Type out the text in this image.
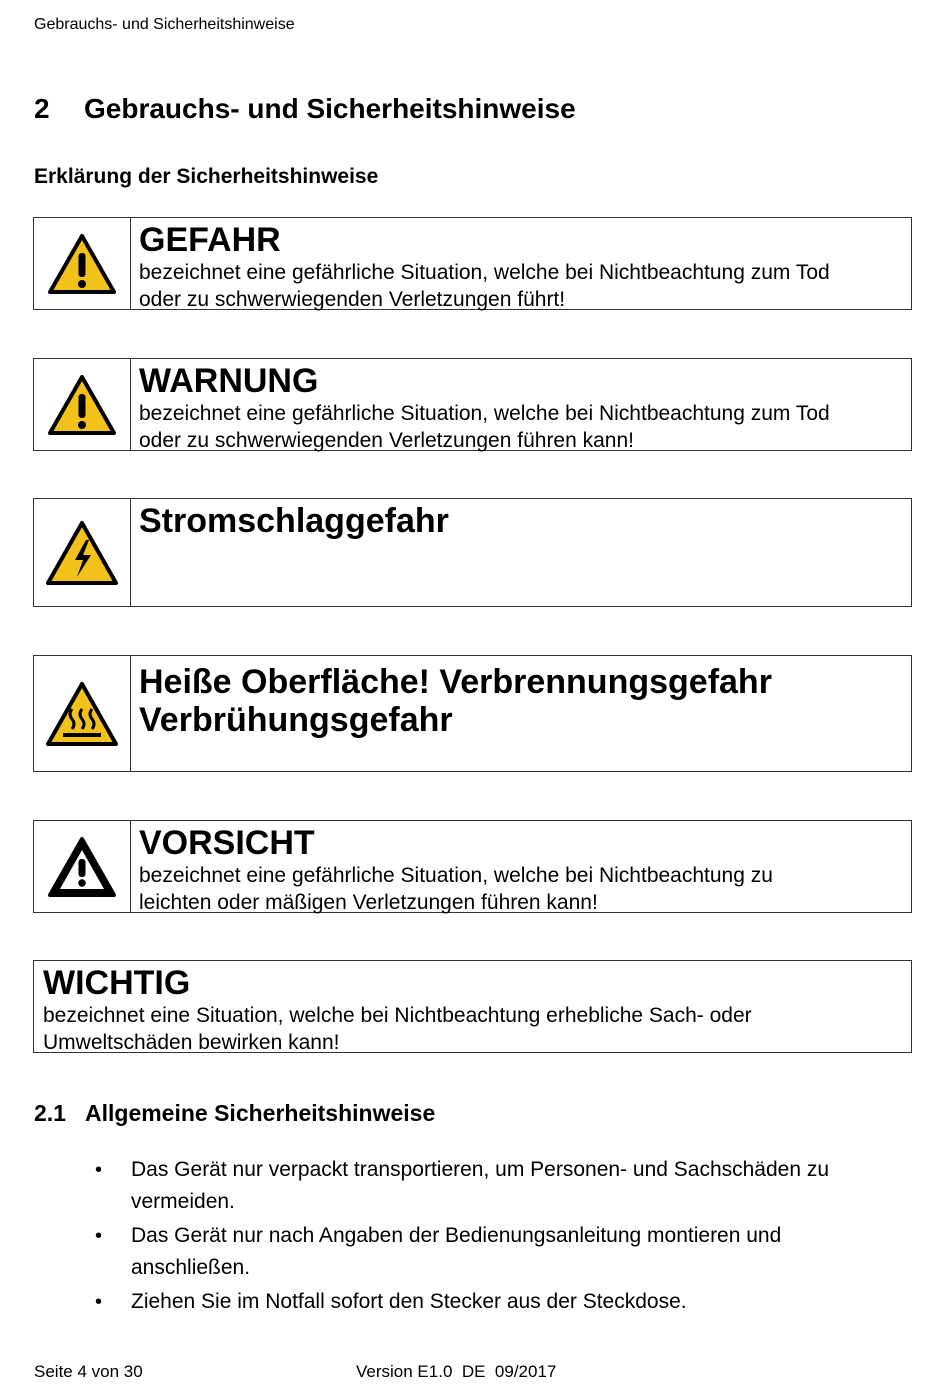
Gebrauchs- und Sicherheitshinweise
2 Gebrauchs- und Sicherheitshinweise
Erklärung der Sicherheitshinweise
GEFAHR
bezeichnet eine gefährliche Situation, welche bei Nichtbeachtung zum Tod
oder zu schwerwiegenden Verletzungen führt!
WARNUNG
bezeichnet eine gefährliche Situation, welche bei Nichtbeachtung zum Tod
oder zu schwerwiegenden Verletzungen führen kann!
Stromschlaggefahr
Heiße Oberfläche! Verbrennungsgefahr
Verbrühungsgefahr
VORSICHT
bezeichnet eine gefährliche Situation, welche bei Nichtbeachtung zu
leichten oder mäßigen Verletzungen führen kann!
WICHTIG
bezeichnet eine Situation, welche bei Nichtbeachtung erhebliche Sach- oder
Umweltschäden bewirken kann!
2.1 Allgemeine Sicherheitshinweise
• Das Gerät nur verpackt transportieren, um Personen- und Sachschäden zu
vermeiden.
• Das Gerät nur nach Angaben der Bedienungsanleitung montieren und
anschließen.
• Ziehen Sie im Notfall sofort den Stecker aus der Steckdose.
Seite 4 von 30	Version E1.0  DE  09/2017
